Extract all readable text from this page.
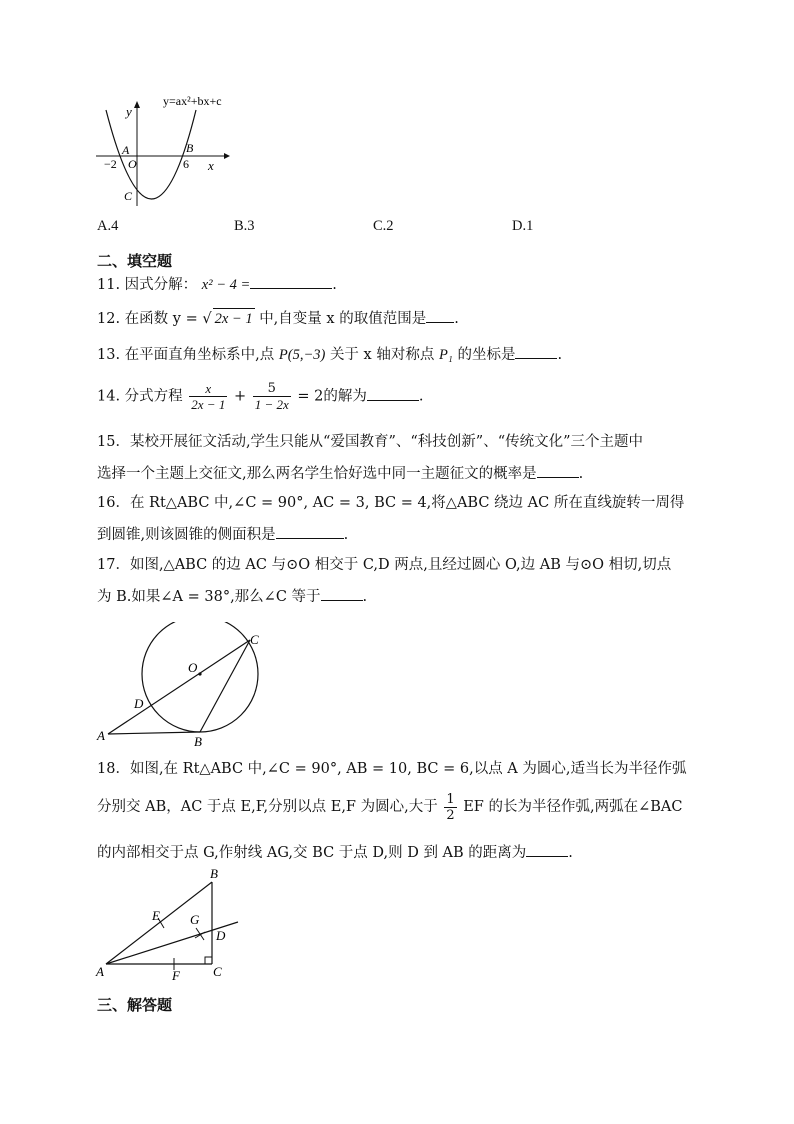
y=ax²+bx+c
y
x
A	B
C
O
−2	6
A.4	B.3	C.2	D.1
二、填空题
11. 因式分解： x² − 4 =	.
12. 在函数 y = √ 2x − 1 中,自变量 x 的取值范围是 .
13. 在平面直角坐标系中,点 P(5,−3) 关于 x 轴对称点 P₁ 的坐标是	.
14. 分式方程 $\frac{x}{2x - 1} + \frac{5}{1 - 2x} = 2$的解为	.
15．某校开展征文活动,学生只能从“爱国教育”、“科技创新”、“传统文化”三个主题中
选择一个主题上交征文,那么两名学生恰好选中同一主题征文的概率是	.
16．在 Rt△ABC 中,∠C = 90°, AC = 3, BC = 4,将△ABC 绕边 AC 所在直线旋转一周得
到圆锥,则该圆锥的侧面积是	.
17．如图,△ABC 的边 AC 与⊙O 相交于 C,D 两点,且经过圆心 O,边 AB 与⊙O 相切,切点
为 B.如果∠A = 38°,那么∠C 等于	.
A	B
C
D
O
18．如图,在 Rt△ABC 中,∠C = 90°, AB = 10, BC = 6,以点 A 为圆心,适当长为半径作弧
分别交 AB，AC 于点 E,F,分别以点 E,F 为圆心,大于 $\frac{1}{2}$ EF 的长为半径作弧,两弧在∠BAC
的内部相交于点 G,作射线 AG,交 BC 于点 D,则 D 到 AB 的距离为	.
A
B
C
D
E
F
G
三、解答题
